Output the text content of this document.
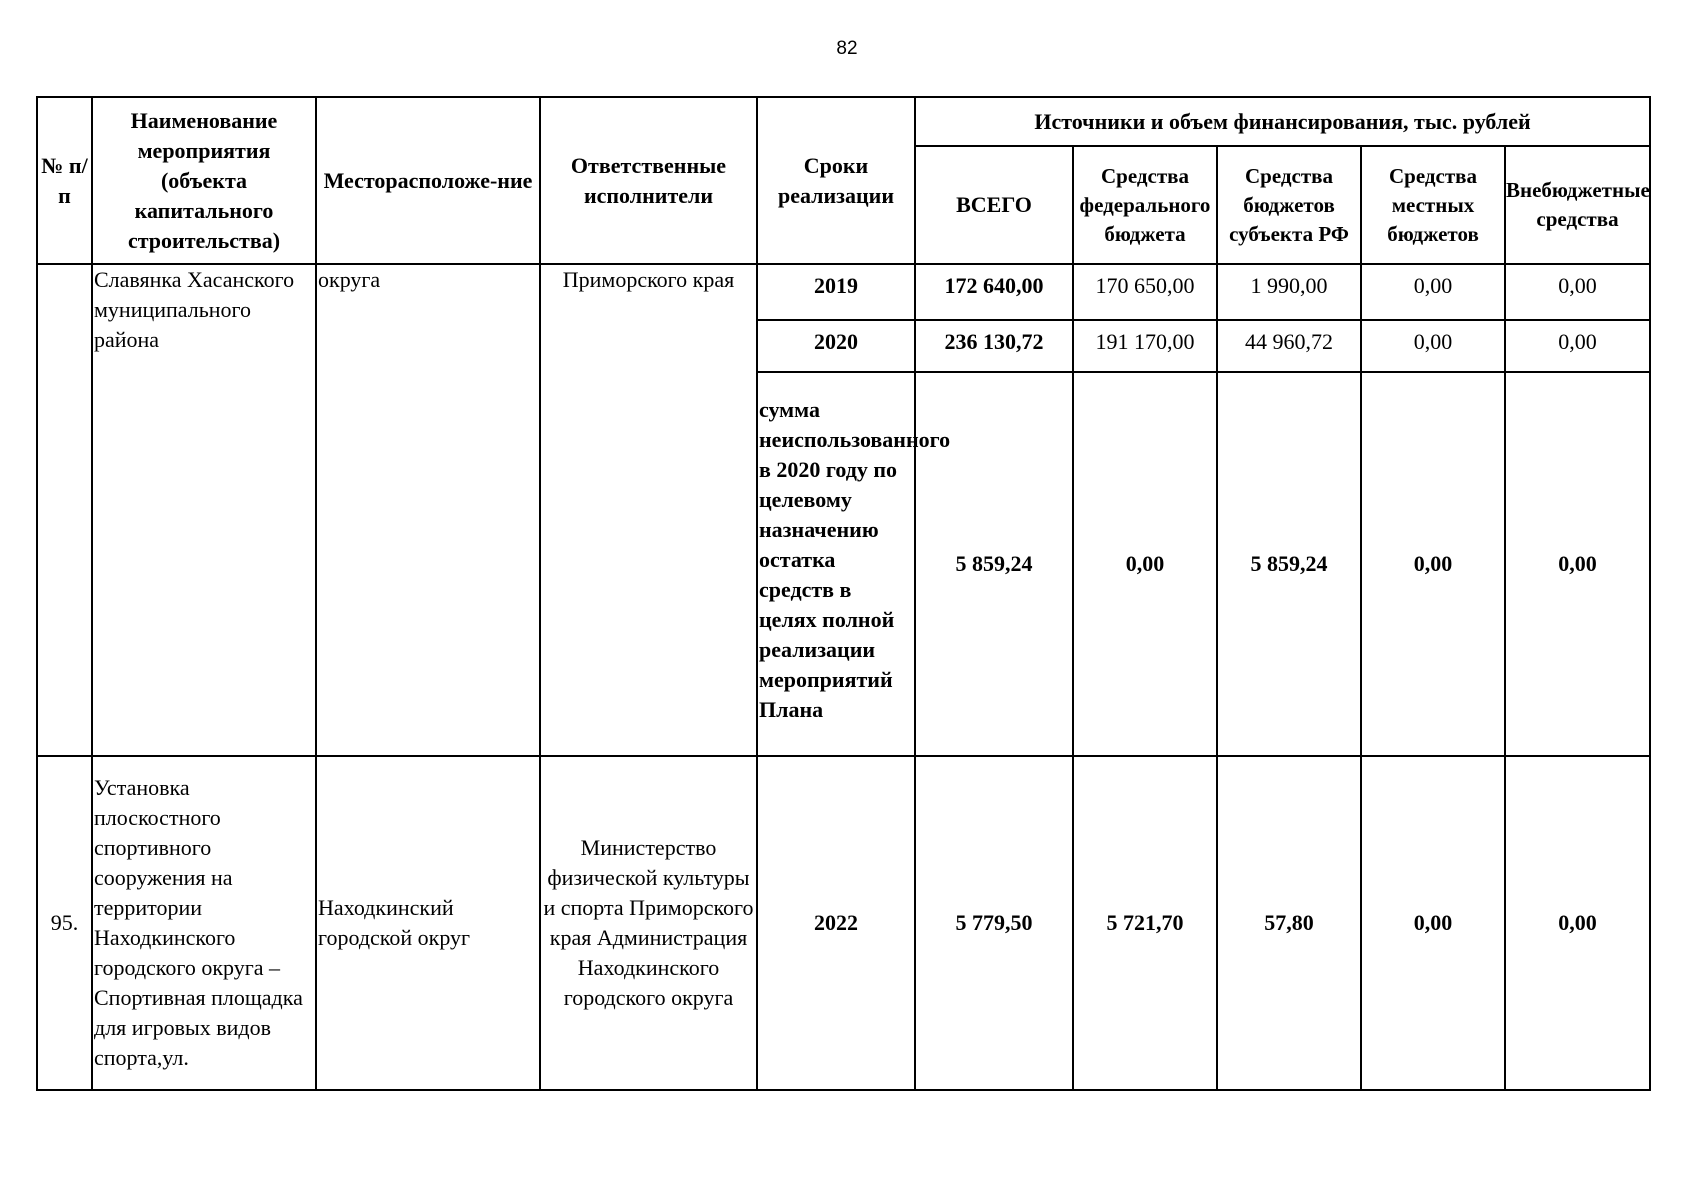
82
№ п/п	Наименование мероприятия (объекта капитального строительства)	Месторасположе-ние	Ответственные исполнители	Сроки реализации	Источники и объем финансирования, тыс. рублей				
					ВСЕГО	Средства федерального бюджета	Средства бюджетов субъекта РФ	Средства местных бюджетов	Внебюджетные средства
	Славянка Хасанского муниципального района	округа	Приморского края	2019	172 640,00	170 650,00	1 990,00	0,00	0,00
				2020	236 130,72	191 170,00	44 960,72	0,00	0,00
				сумма неиспользованного в 2020 году по целевому назначению остатка средств в целях полной реализации мероприятий Плана	5 859,24	0,00	5 859,24	0,00	0,00
95.	Установка плоскостного спортивного сооружения на территории Находкинского городского округа – Спортивная площадка для игровых видов спорта,ул.	Находкинский городской округ	Министерство физической культуры и спорта Приморского края Администрация Находкинского городского округа	2022	5 779,50	5 721,70	57,80	0,00	0,00
